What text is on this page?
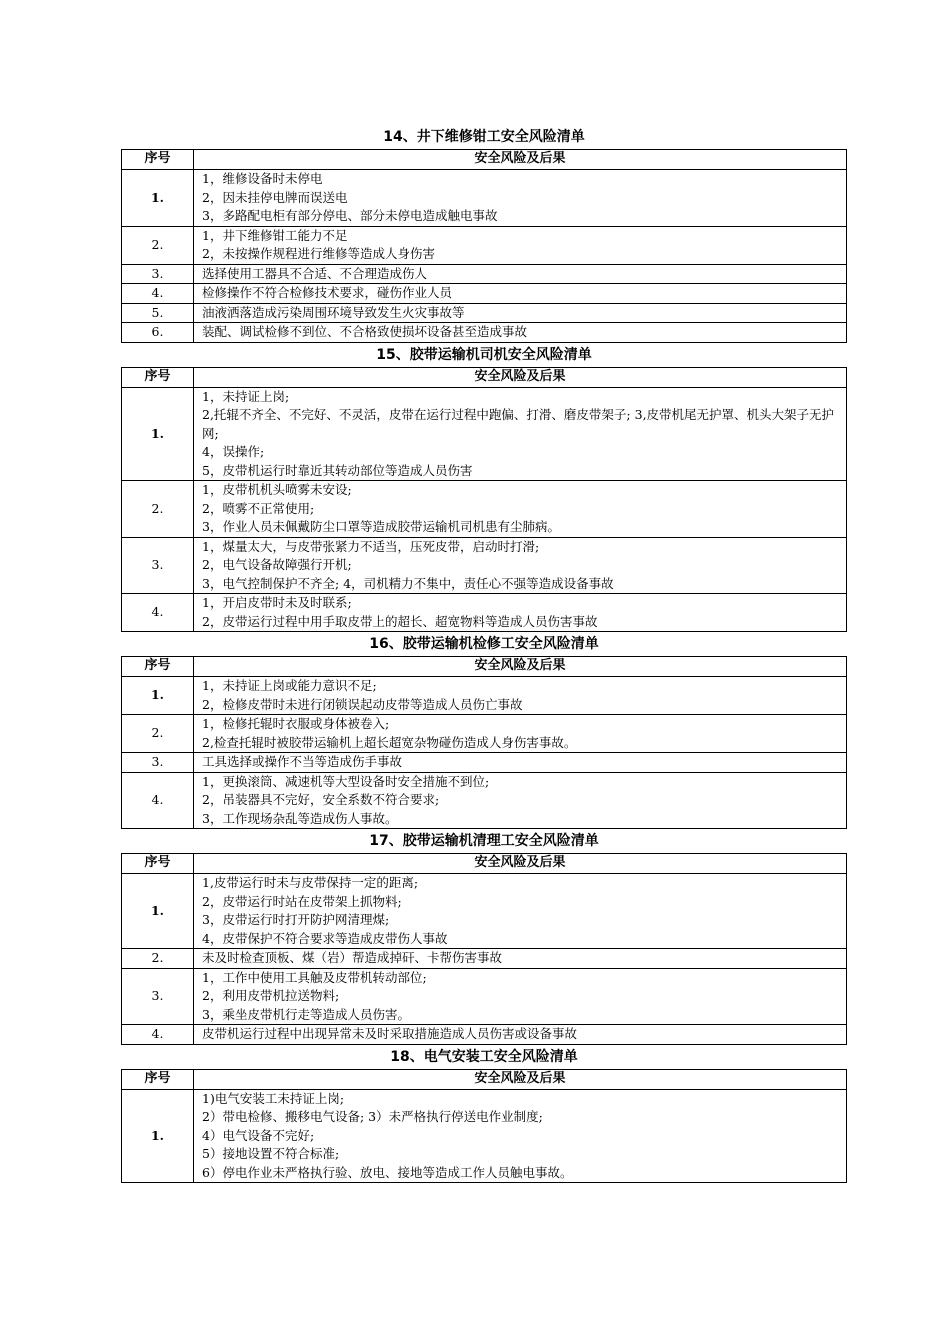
14、井下维修钳工安全风险清单
序号	安全风险及后果
1.	1，维修设备时未停电
2，因未挂停电牌而误送电
3，多路配电柜有部分停电、部分未停电造成触电事故

2.	1，井下维修钳工能力不足
2，未按操作规程进行维修等造成人身伤害

3.	选择使用工器具不合适、不合理造成伤人

4.	检修操作不符合检修技术要求，碰伤作业人员

5.	油液洒落造成污染周围环境导致发生火灾事故等

6.	装配、调试检修不到位、不合格致使损坏设备甚至造成事故
15、胶带运输机司机安全风险清单
序号	安全风险及后果
1.	1，未持证上岗;
2,托辊不齐全、不完好、不灵活，皮带在运行过程中跑偏、打滑、磨皮带架子; 3,皮带机尾无护罩、机头大架子无护网;
4，误操作;
5，皮带机运行时靠近其转动部位等造成人员伤害

2.	1，皮带机机头喷雾未安设;
2，喷雾不正常使用;
3，作业人员未佩戴防尘口罩等造成胶带运输机司机患有尘肺病。

3.	1，煤量太大，与皮带张紧力不适当，压死皮带，启动时打滑;
2，电气设备故障强行开机;
3，电气控制保护不齐全; 4，司机精力不集中，责任心不强等造成设备事故

4.	1，开启皮带时未及时联系;
2，皮带运行过程中用手取皮带上的超长、超宽物料等造成人员伤害事故
16、胶带运输机检修工安全风险清单
序号	安全风险及后果
1.	1，未持证上岗或能力意识不足;
2，检修皮带时未进行闭锁误起动皮带等造成人员伤亡事故

2.	1，检修托辊时衣服或身体被卷入;
2,检查托辊时被胶带运输机上超长超宽杂物碰伤造成人身伤害事故。

3.	工具选择或操作不当等造成伤手事故

4.	1，更换滚筒、减速机等大型设备时安全措施不到位;
2，吊装器具不完好，安全系数不符合要求;
3，工作现场杂乱等造成伤人事故。
17、胶带运输机清理工安全风险清单
序号	安全风险及后果
1.	1,皮带运行时未与皮带保持一定的距离;
2，皮带运行时站在皮带架上抓物料;
3，皮带运行时打开防护网清理煤;
4，皮带保护不符合要求等造成皮带伤人事故

2.	未及时检查顶板、煤（岩）帮造成掉矸、卡帮伤害事故

3.	1，工作中使用工具触及皮带机转动部位;
2，利用皮带机拉送物料;
3，乘坐皮带机行走等造成人员伤害。

4.	皮带机运行过程中出现异常未及时采取措施造成人员伤害或设备事故
18、电气安装工安全风险清单
序号	安全风险及后果
1.	1)电气安装工未持证上岗;
2）带电检修、搬移电气设备; 3）未严格执行停送电作业制度;
4）电气设备不完好;
5）接地设置不符合标准;
6）停电作业未严格执行验、放电、接地等造成工作人员触电事故。
